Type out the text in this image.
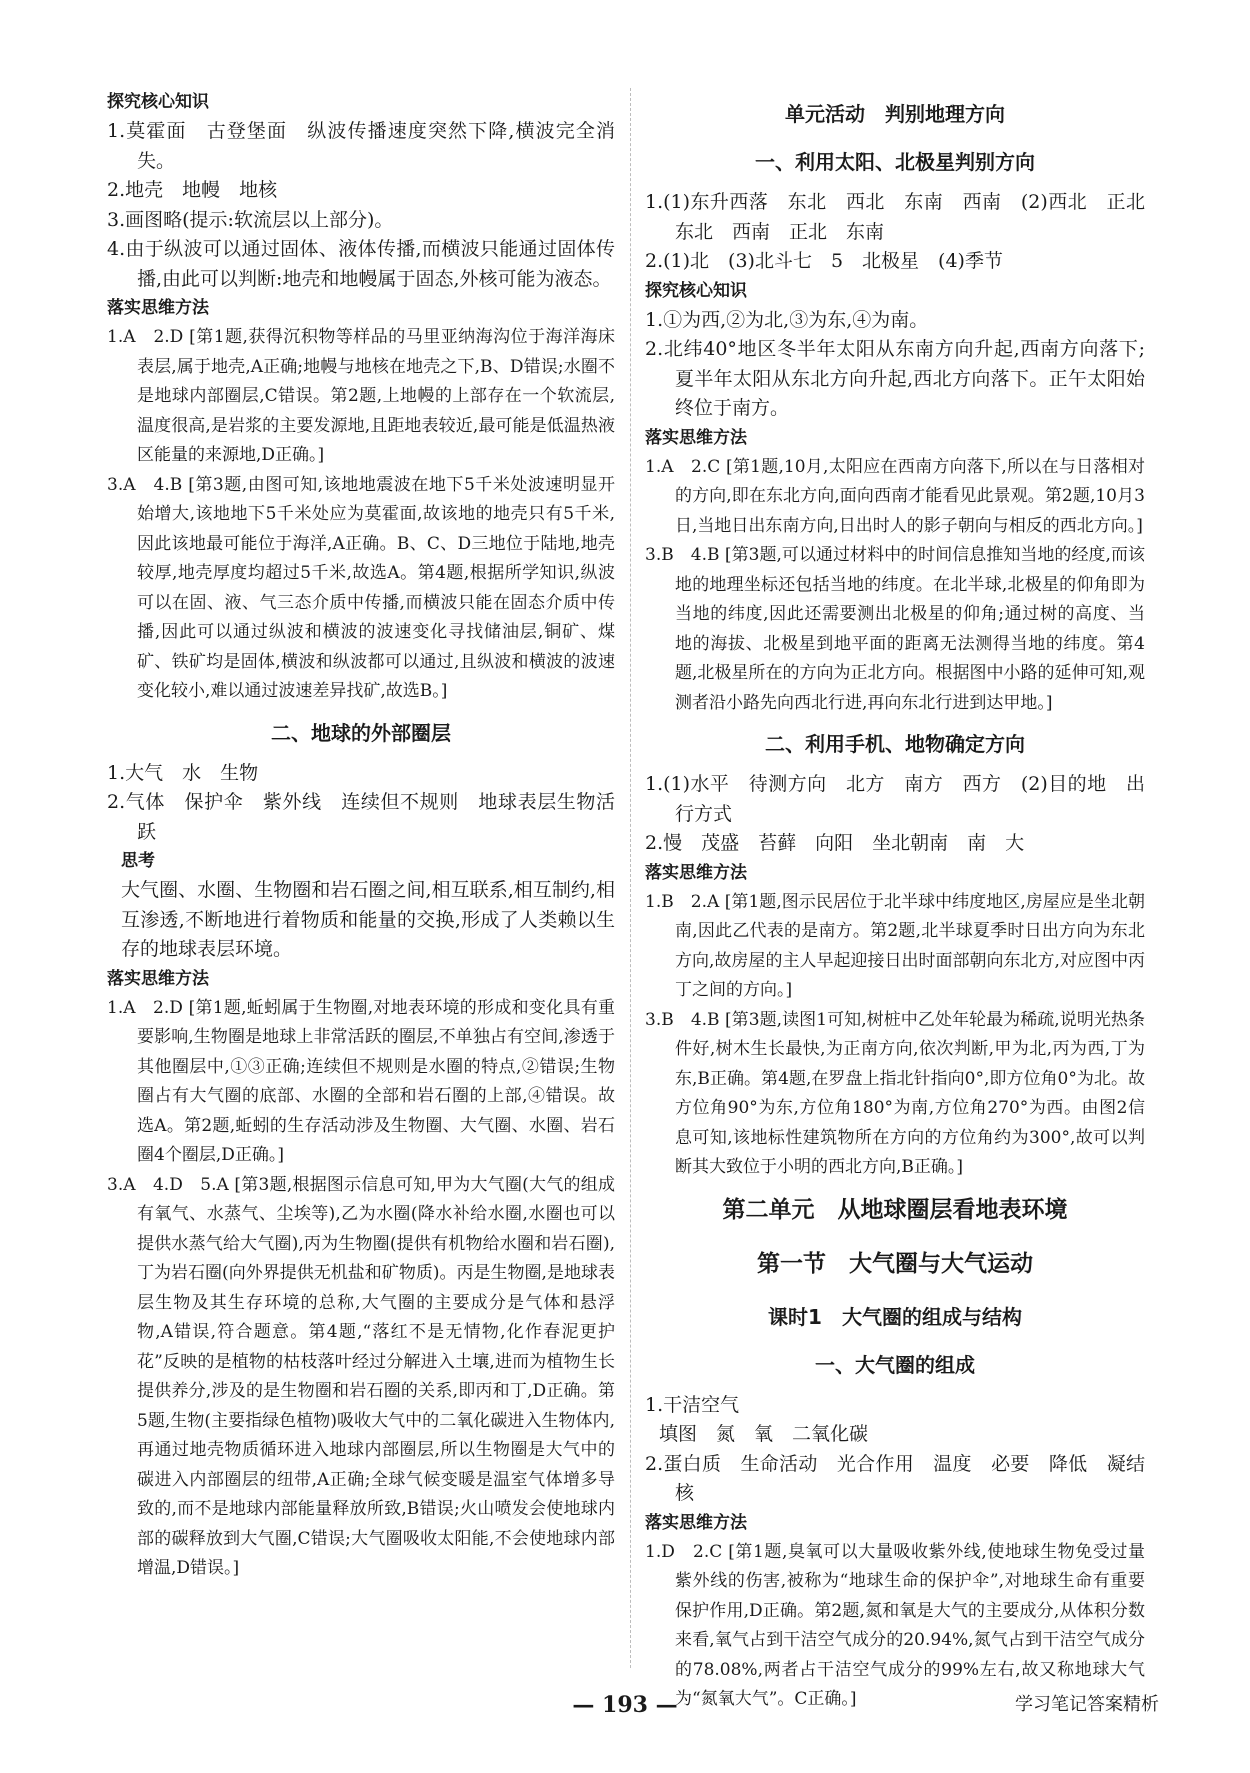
探究核心知识

1.莫霍面　古登堡面　纵波传播速度突然下降,横波完全消失。

2.地壳　地幔　地核

3.画图略(提示:软流层以上部分)。

4.由于纵波可以通过固体、液体传播,而横波只能通过固体传播,由此可以判断:地壳和地幔属于固态,外核可能为液态。

落实思维方法

1.A　2.D [第1题,获得沉积物等样品的马里亚纳海沟位于海洋海床表层,属于地壳,A正确;地幔与地核在地壳之下,B、D错误;水圈不是地球内部圈层,C错误。第2题,上地幔的上部存在一个软流层,温度很高,是岩浆的主要发源地,且距地表较近,最可能是低温热液区能量的来源地,D正确。]

3.A　4.B [第3题,由图可知,该地地震波在地下5千米处波速明显开始增大,该地地下5千米处应为莫霍面,故该地的地壳只有5千米,因此该地最可能位于海洋,A正确。B、C、D三地位于陆地,地壳较厚,地壳厚度均超过5千米,故选A。第4题,根据所学知识,纵波可以在固、液、气三态介质中传播,而横波只能在固态介质中传播,因此可以通过纵波和横波的波速变化寻找储油层,铜矿、煤矿、铁矿均是固体,横波和纵波都可以通过,且纵波和横波的波速变化较小,难以通过波速差异找矿,故选B。]

二、地球的外部圈层

1.大气　水　生物

2.气体　保护伞　紫外线　连续但不规则　地球表层生物活跃

思考

大气圈、水圈、生物圈和岩石圈之间,相互联系,相互制约,相互渗透,不断地进行着物质和能量的交换,形成了人类赖以生存的地球表层环境。

落实思维方法

1.A　2.D [第1题,蚯蚓属于生物圈,对地表环境的形成和变化具有重要影响,生物圈是地球上非常活跃的圈层,不单独占有空间,渗透于其他圈层中,①③正确;连续但不规则是水圈的特点,②错误;生物圈占有大气圈的底部、水圈的全部和岩石圈的上部,④错误。故选A。第2题,蚯蚓的生存活动涉及生物圈、大气圈、水圈、岩石圈4个圈层,D正确。]

3.A　4.D　5.A [第3题,根据图示信息可知,甲为大气圈(大气的组成有氧气、水蒸气、尘埃等),乙为水圈(降水补给水圈,水圈也可以提供水蒸气给大气圈),丙为生物圈(提供有机物给水圈和岩石圈),丁为岩石圈(向外界提供无机盐和矿物质)。丙是生物圈,是地球表层生物及其生存环境的总称,大气圈的主要成分是气体和悬浮物,A错误,符合题意。第4题,“落红不是无情物,化作春泥更护花”反映的是植物的枯枝落叶经过分解进入土壤,进而为植物生长提供养分,涉及的是生物圈和岩石圈的关系,即丙和丁,D正确。第5题,生物(主要指绿色植物)吸收大气中的二氧化碳进入生物体内,再通过地壳物质循环进入地球内部圈层,所以生物圈是大气中的碳进入内部圈层的纽带,A正确;全球气候变暖是温室气体增多导致的,而不是地球内部能量释放所致,B错误;火山喷发会使地球内部的碳释放到大气圈,C错误;大气圈吸收太阳能,不会使地球内部增温,D错误。]

单元活动　判别地理方向

一、利用太阳、北极星判别方向

1.(1)东升西落　东北　西北　东南　西南　(2)西北　正北　东北　西南　正北　东南

2.(1)北　(3)北斗七　5　北极星　(4)季节

探究核心知识

1.①为西,②为北,③为东,④为南。

2.北纬40°地区冬半年太阳从东南方向升起,西南方向落下;夏半年太阳从东北方向升起,西北方向落下。正午太阳始终位于南方。

落实思维方法

1.A　2.C [第1题,10月,太阳应在西南方向落下,所以在与日落相对的方向,即在东北方向,面向西南才能看见此景观。第2题,10月3日,当地日出东南方向,日出时人的影子朝向与相反的西北方向。]

3.B　4.B [第3题,可以通过材料中的时间信息推知当地的经度,而该地的地理坐标还包括当地的纬度。在北半球,北极星的仰角即为当地的纬度,因此还需要测出北极星的仰角;通过树的高度、当地的海拔、北极星到地平面的距离无法测得当地的纬度。第4题,北极星所在的方向为正北方向。根据图中小路的延伸可知,观测者沿小路先向西北行进,再向东北行进到达甲地。]

二、利用手机、地物确定方向

1.(1)水平　待测方向　北方　南方　西方　(2)目的地　出行方式

2.慢　茂盛　苔藓　向阳　坐北朝南　南　大

落实思维方法

1.B　2.A [第1题,图示民居位于北半球中纬度地区,房屋应是坐北朝南,因此乙代表的是南方。第2题,北半球夏季时日出方向为东北方向,故房屋的主人早起迎接日出时面部朝向东北方,对应图中丙丁之间的方向。]

3.B　4.B [第3题,读图1可知,树桩中乙处年轮最为稀疏,说明光热条件好,树木生长最快,为正南方向,依次判断,甲为北,丙为西,丁为东,B正确。第4题,在罗盘上指北针指向0°,即方位角0°为北。故方位角90°为东,方位角180°为南,方位角270°为西。由图2信息可知,该地标性建筑物所在方向的方位角约为300°,故可以判断其大致位于小明的西北方向,B正确。]

第二单元　从地球圈层看地表环境

第一节　大气圈与大气运动

课时1　大气圈的组成与结构

一、大气圈的组成

1.干洁空气

填图　氮　氧　二氧化碳

2.蛋白质　生命活动　光合作用　温度　必要　降低　凝结核

落实思维方法

1.D　2.C [第1题,臭氧可以大量吸收紫外线,使地球生物免受过量紫外线的伤害,被称为“地球生命的保护伞”,对地球生命有重要保护作用,D正确。第2题,氮和氧是大气的主要成分,从体积分数来看,氧气占到干洁空气成分的20.94%,氮气占到干洁空气成分的78.08%,两者占干洁空气成分的99%左右,故又称地球大气为“氮氧大气”。C正确。]

— 193 —	学习笔记答案精析
